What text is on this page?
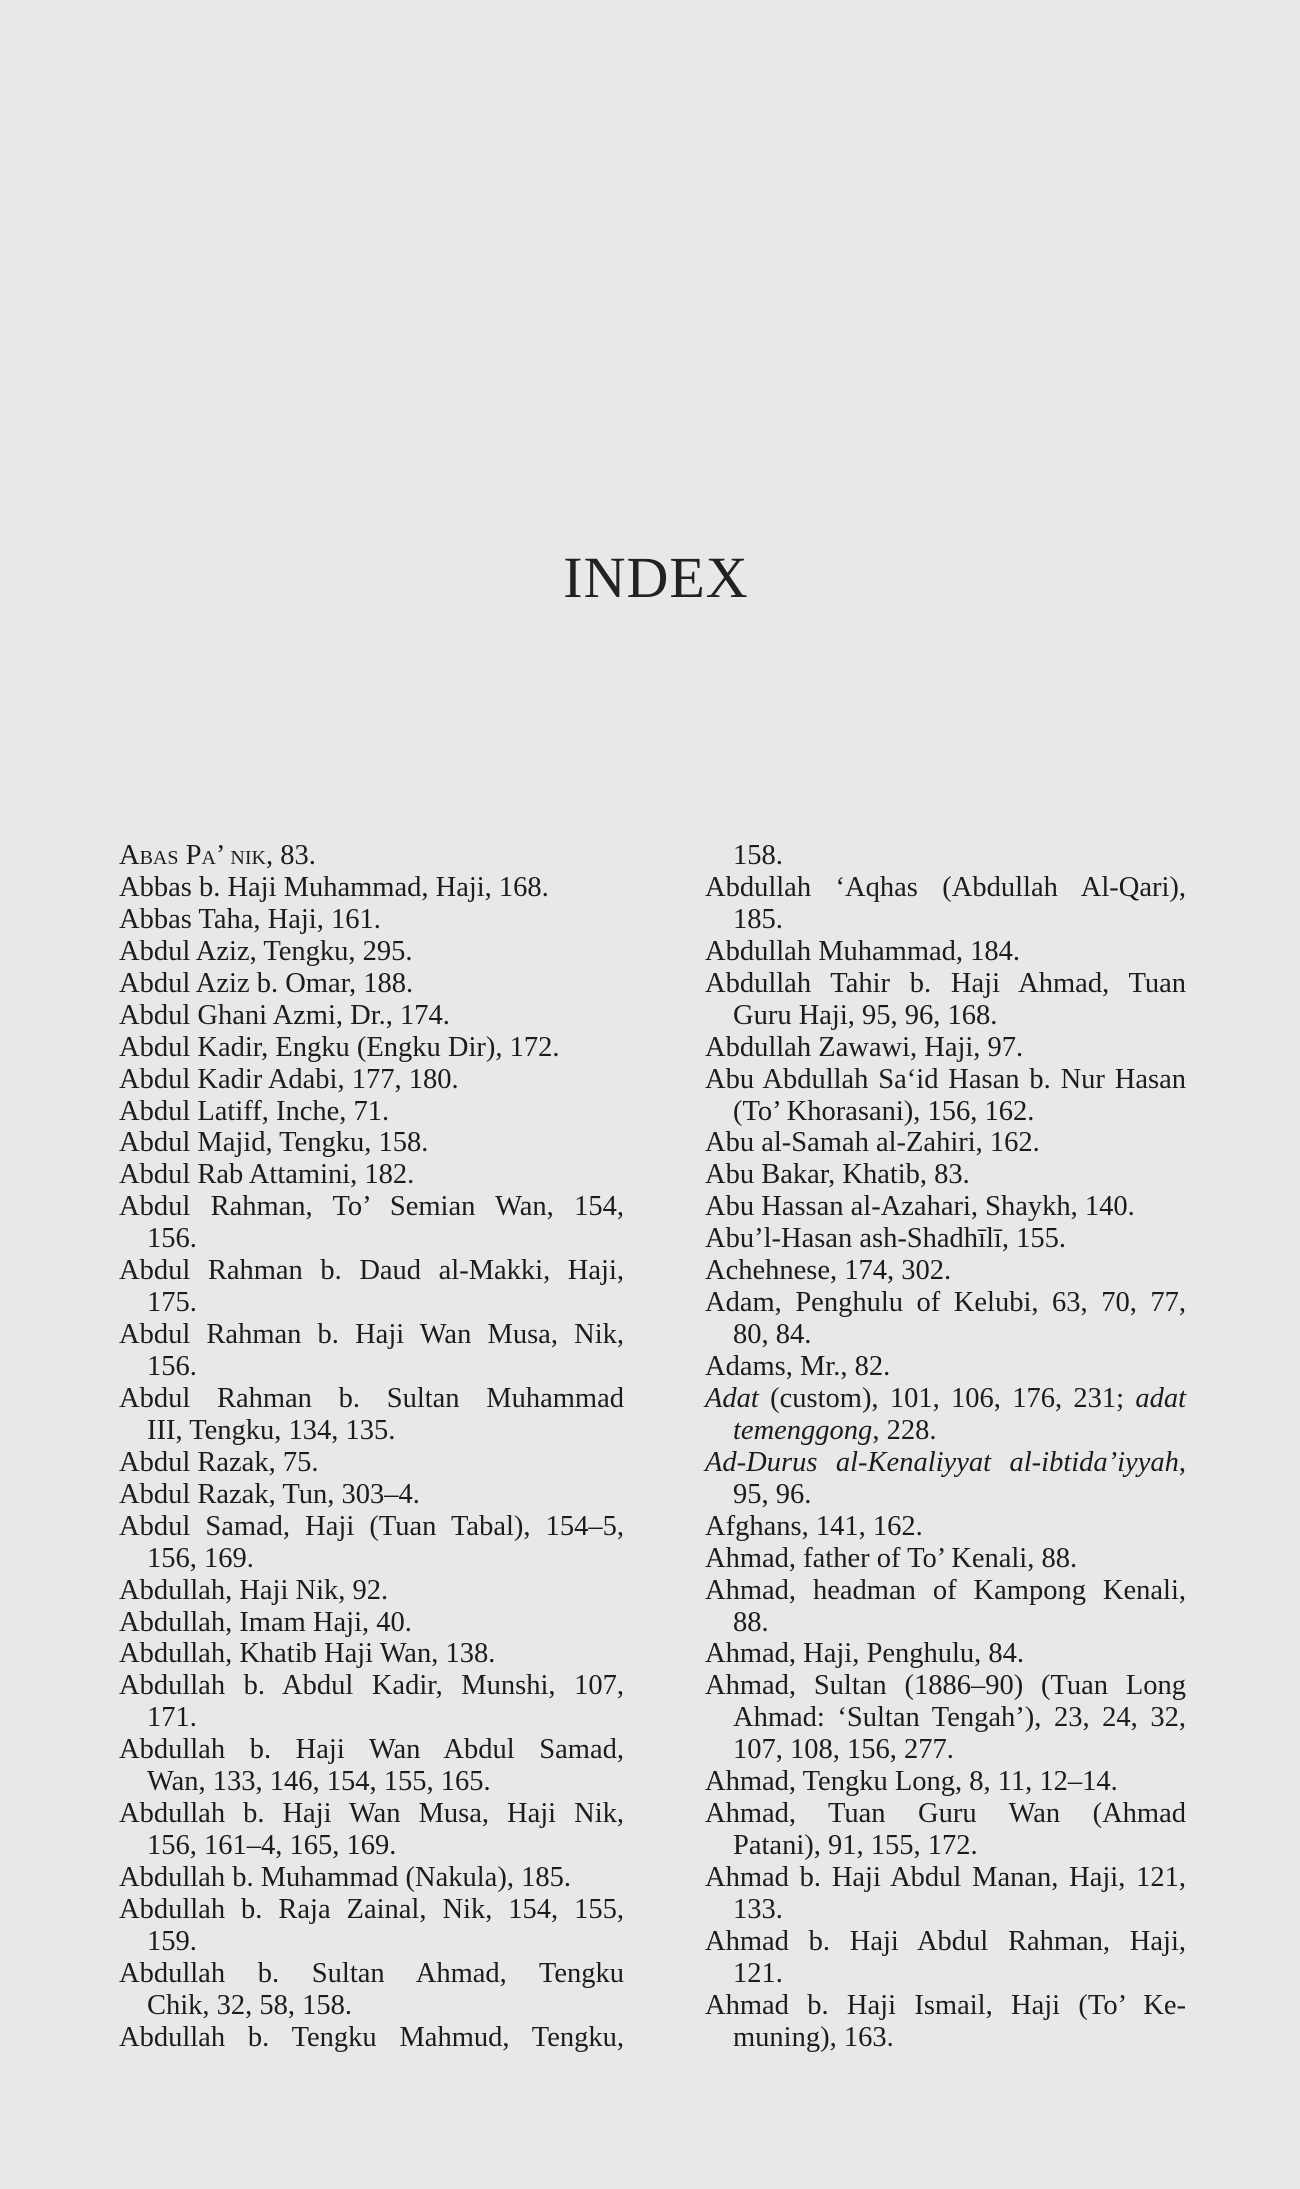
INDEX
Abas Pa’ nik, 83.
Abbas b. Haji Muhammad, Haji, 168.
Abbas Taha, Haji, 161.
Abdul Aziz, Tengku, 295.
Abdul Aziz b. Omar, 188.
Abdul Ghani Azmi, Dr., 174.
Abdul Kadir, Engku (Engku Dir), 172.
Abdul Kadir Adabi, 177, 180.
Abdul Latiff, Inche, 71.
Abdul Majid, Tengku, 158.
Abdul Rab Attamini, 182.
Abdul Rahman, To’ Semian Wan, 154,
156.
Abdul Rahman b. Daud al-Makki, Haji,
175.
Abdul Rahman b. Haji Wan Musa, Nik,
156.
Abdul Rahman b. Sultan Muhammad
III, Tengku, 134, 135.
Abdul Razak, 75.
Abdul Razak, Tun, 303–4.
Abdul Samad, Haji (Tuan Tabal), 154–5,
156, 169.
Abdullah, Haji Nik, 92.
Abdullah, Imam Haji, 40.
Abdullah, Khatib Haji Wan, 138.
Abdullah b. Abdul Kadir, Munshi, 107,
171.
Abdullah b. Haji Wan Abdul Samad,
Wan, 133, 146, 154, 155, 165.
Abdullah b. Haji Wan Musa, Haji Nik,
156, 161–4, 165, 169.
Abdullah b. Muhammad (Nakula), 185.
Abdullah b. Raja Zainal, Nik, 154, 155,
159.
Abdullah b. Sultan Ahmad, Tengku
Chik, 32, 58, 158.
Abdullah b. Tengku Mahmud, Tengku,
158.
Abdullah ‘Aqhas (Abdullah Al-Qari),
185.
Abdullah Muhammad, 184.
Abdullah Tahir b. Haji Ahmad, Tuan
Guru Haji, 95, 96, 168.
Abdullah Zawawi, Haji, 97.
Abu Abdullah Sa‘id Hasan b. Nur Hasan
(To’ Khorasani), 156, 162.
Abu al-Samah al-Zahiri, 162.
Abu Bakar, Khatib, 83.
Abu Hassan al-Azahari, Shaykh, 140.
Abu’l-Hasan ash-Shadhīlī, 155.
Achehnese, 174, 302.
Adam, Penghulu of Kelubi, 63, 70, 77,
80, 84.
Adams, Mr., 82.
Adat (custom), 101, 106, 176, 231; adat
temenggong, 228.
Ad-Durus al-Kenaliyyat al-ibtida’iyyah,
95, 96.
Afghans, 141, 162.
Ahmad, father of To’ Kenali, 88.
Ahmad, headman of Kampong Kenali,
88.
Ahmad, Haji, Penghulu, 84.
Ahmad, Sultan (1886–90) (Tuan Long
Ahmad: ‘Sultan Tengah’), 23, 24, 32,
107, 108, 156, 277.
Ahmad, Tengku Long, 8, 11, 12–14.
Ahmad, Tuan Guru Wan (Ahmad
Patani), 91, 155, 172.
Ahmad b. Haji Abdul Manan, Haji, 121,
133.
Ahmad b. Haji Abdul Rahman, Haji,
121.
Ahmad b. Haji Ismail, Haji (To’ Ke-
muning), 163.
